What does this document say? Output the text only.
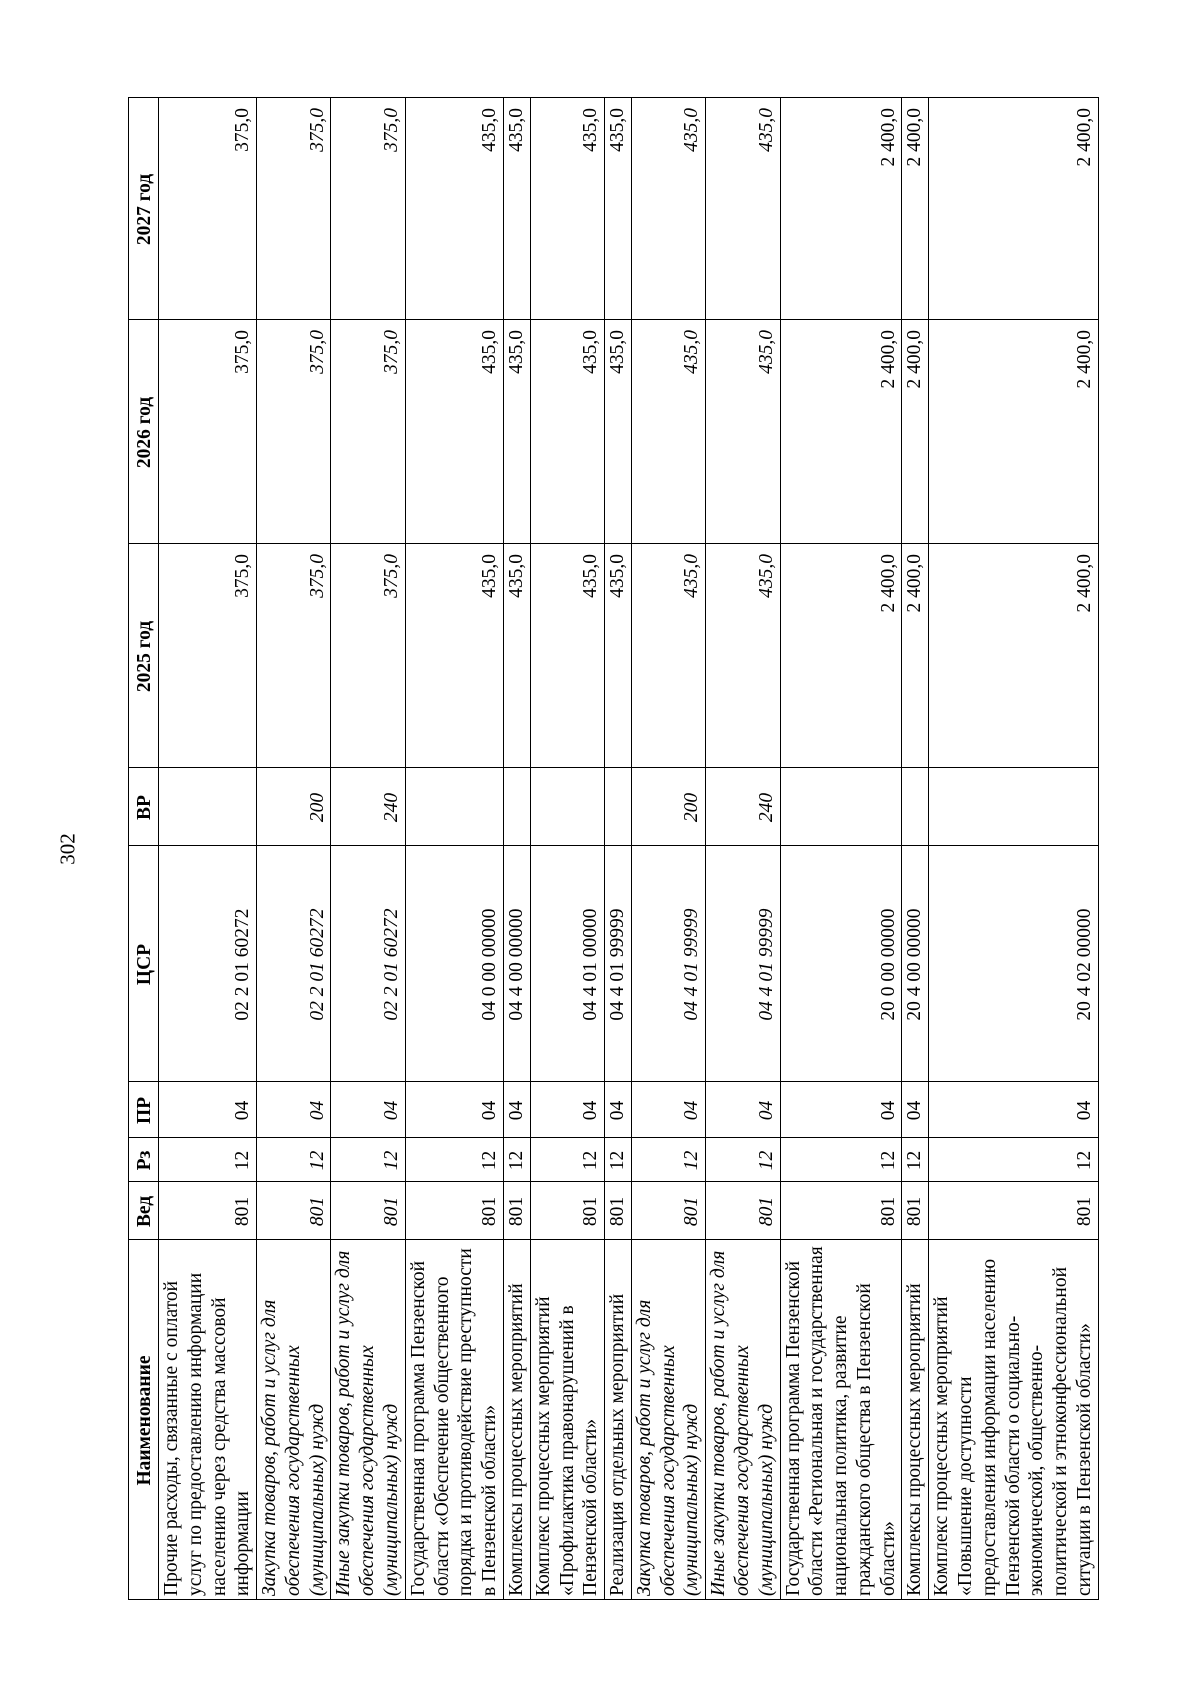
302
Наименование	Вед	Рз	ПР	ЦСР	ВР	2025 год	2026 год	2027 год
Прочие расходы, связанные с оплатой услуг по предоставлению информации населению через средства массовой информации	801	12	04	02 2 01 60272		375,0	375,0	375,0
Закупка товаров, работ и услуг для обеспечения государственных (муниципальных) нужд	801	12	04	02 2 01 60272	200	375,0	375,0	375,0
Иные закупки товаров, работ и услуг для обеспечения государственных (муниципальных) нужд	801	12	04	02 2 01 60272	240	375,0	375,0	375,0
Государственная программа Пензенской области «Обеспечение общественного порядка и противодействие преступности в Пензенской области»	801	12	04	04 0 00 00000		435,0	435,0	435,0
Комплексы процессных мероприятий	801	12	04	04 4 00 00000		435,0	435,0	435,0
Комплекс процессных мероприятий «Профилактика правонарушений в Пензенской области»	801	12	04	04 4 01 00000		435,0	435,0	435,0
Реализация отдельных мероприятий	801	12	04	04 4 01 99999		435,0	435,0	435,0
Закупка товаров, работ и услуг для обеспечения государственных (муниципальных) нужд	801	12	04	04 4 01 99999	200	435,0	435,0	435,0
Иные закупки товаров, работ и услуг для обеспечения государственных (муниципальных) нужд	801	12	04	04 4 01 99999	240	435,0	435,0	435,0
Государственная программа Пензенской области «Региональная и государственная национальная политика, развитие гражданского общества в Пензенской области»	801	12	04	20 0 00 00000		2 400,0	2 400,0	2 400,0
Комплексы процессных мероприятий	801	12	04	20 4 00 00000		2 400,0	2 400,0	2 400,0
Комплекс процессных мероприятий «Повышение доступности предоставления информации населению Пензенской области о социально-экономической, общественно-политической и этноконфессиональной ситуации в Пензенской области»	801	12	04	20 4 02 00000		2 400,0	2 400,0	2 400,0
